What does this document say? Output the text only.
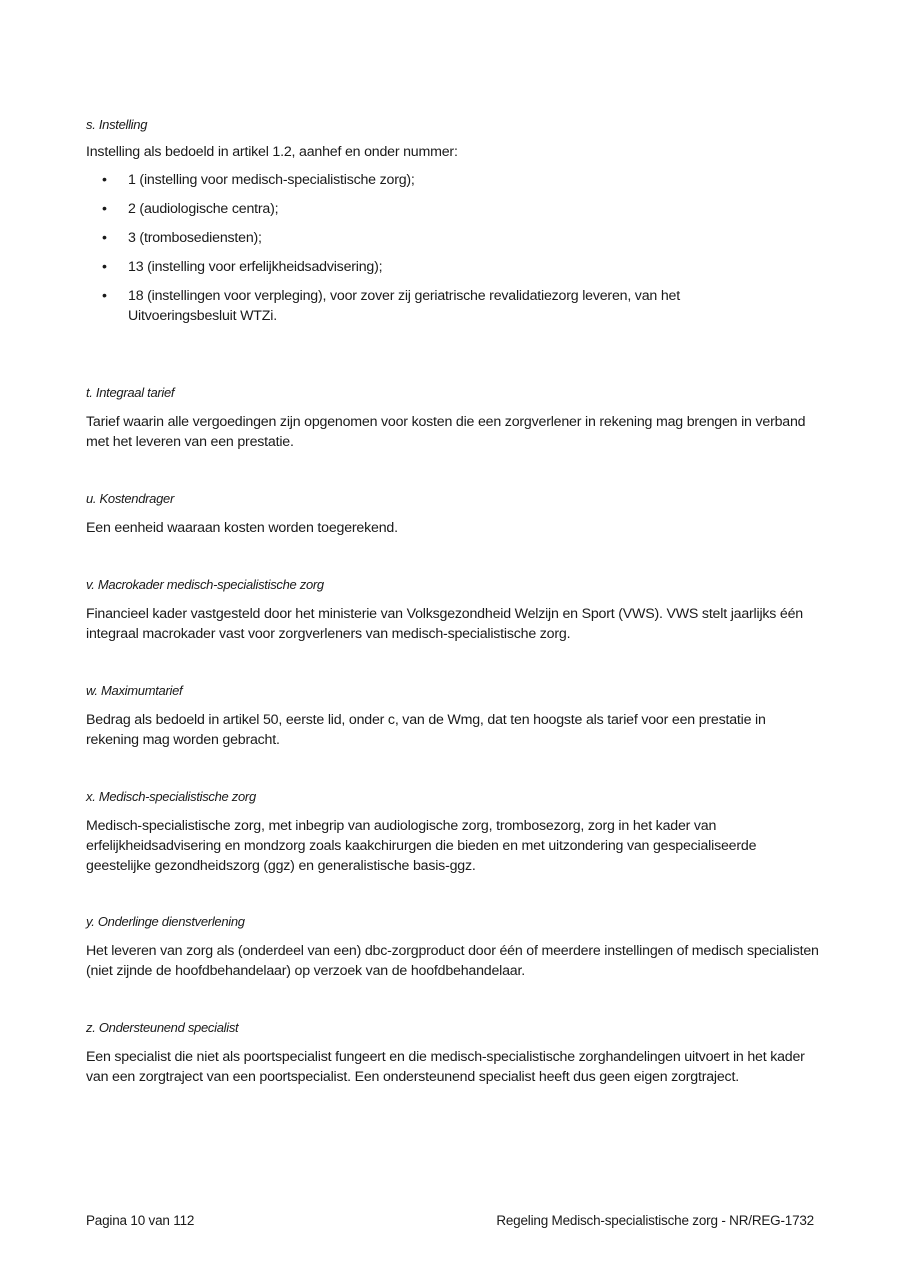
s. Instelling

Instelling als bedoeld in artikel 1.2, aanhef en onder nummer:

• 1 (instelling voor medisch-specialistische zorg);
• 2 (audiologische centra);
• 3 (trombosediensten);
• 13 (instelling voor erfelijkheidsadvisering);
• 18 (instellingen voor verpleging), voor zover zij geriatrische revalidatiezorg leveren, van het Uitvoeringsbesluit WTZi.

t. Integraal tarief

Tarief waarin alle vergoedingen zijn opgenomen voor kosten die een zorgverlener in rekening mag brengen in verband met het leveren van een prestatie.

u. Kostendrager

Een eenheid waaraan kosten worden toegerekend.

v. Macrokader medisch-specialistische zorg

Financieel kader vastgesteld door het ministerie van Volksgezondheid Welzijn en Sport (VWS). VWS stelt jaarlijks één integraal macrokader vast voor zorgverleners van medisch-specialistische zorg.

w. Maximumtarief

Bedrag als bedoeld in artikel 50, eerste lid, onder c, van de Wmg, dat ten hoogste als tarief voor een prestatie in rekening mag worden gebracht.

x. Medisch-specialistische zorg

Medisch-specialistische zorg, met inbegrip van audiologische zorg, trombosezorg, zorg in het kader van erfelijkheidsadvisering en mondzorg zoals kaakchirurgen die bieden en met uitzondering van gespecialiseerde geestelijke gezondheidszorg (ggz) en generalistische basis-ggz.

y. Onderlinge dienstverlening

Het leveren van zorg als (onderdeel van een) dbc-zorgproduct door één of meerdere instellingen of medisch specialisten (niet zijnde de hoofdbehandelaar) op verzoek van de hoofdbehandelaar.

z. Ondersteunend specialist

Een specialist die niet als poortspecialist fungeert en die medisch-specialistische zorghandelingen uitvoert in het kader van een zorgtraject van een poortspecialist. Een ondersteunend specialist heeft dus geen eigen zorgtraject.

Pagina 10 van 112	Regeling Medisch-specialistische zorg - NR/REG-1732
